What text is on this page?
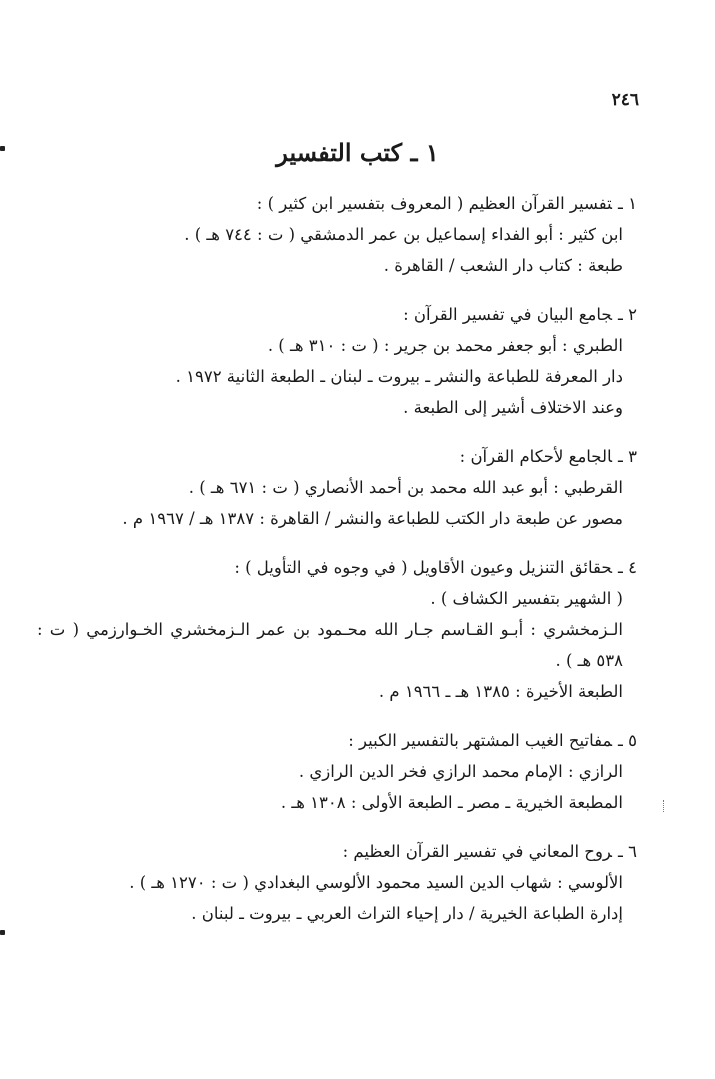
٢٤٦
١ ـ كتب التفسير
١ ـتفسير القرآن العظيم ( المعروف بتفسير ابن كثير ) :
ابن كثير : أبو الفداء إسماعيل بن عمر الدمشقي ( ت : ٧٤٤ هـ ) .
طبعة : كتاب دار الشعب / القاهرة .
٢ ـجامع البيان في تفسير القرآن :
الطبري : أبو جعفر محمد بن جرير : ( ت : ٣١٠ هـ ) .
دار المعرفة للطباعة والنشر ـ بيروت ـ لبنان ـ الطبعة الثانية ١٩٧٢ .
وعند الاختلاف أشير إلى الطبعة .
٣ ـالجامع لأحكام القرآن :
القرطبي : أبو عبد الله محمد بن أحمد الأنصاري ( ت : ٦٧١ هـ ) .
مصور عن طبعة دار الكتب للطباعة والنشر / القاهرة : ١٣٨٧ هـ / ١٩٦٧ م .
٤ ـحقائق التنزيل وعيون الأقاويل ( في وجوه في التأويل ) :
( الشهير بتفسير الكشاف ) .
الـزمخشري : أبـو القـاسم جـار الله محـمود بن عمر الـزمخشري الخـوارزمي ( ت : ٥٣٨ هـ ) .
الطبعة الأخيرة : ١٣٨٥ هـ ـ ١٩٦٦ م .
٥ ـمفاتيح الغيب المشتهر بالتفسير الكبير :
الرازي : الإمام محمد الرازي فخر الدين الرازي .
المطبعة الخيرية ـ مصر ـ الطبعة الأولى : ١٣٠٨ هـ .
٦ ـروح المعاني في تفسير القرآن العظيم :
الألوسي : شهاب الدين السيد محمود الألوسي البغدادي ( ت : ١٢٧٠ هـ ) .
إدارة الطباعة الخيرية / دار إحياء التراث العربي ـ بيروت ـ لبنان .
